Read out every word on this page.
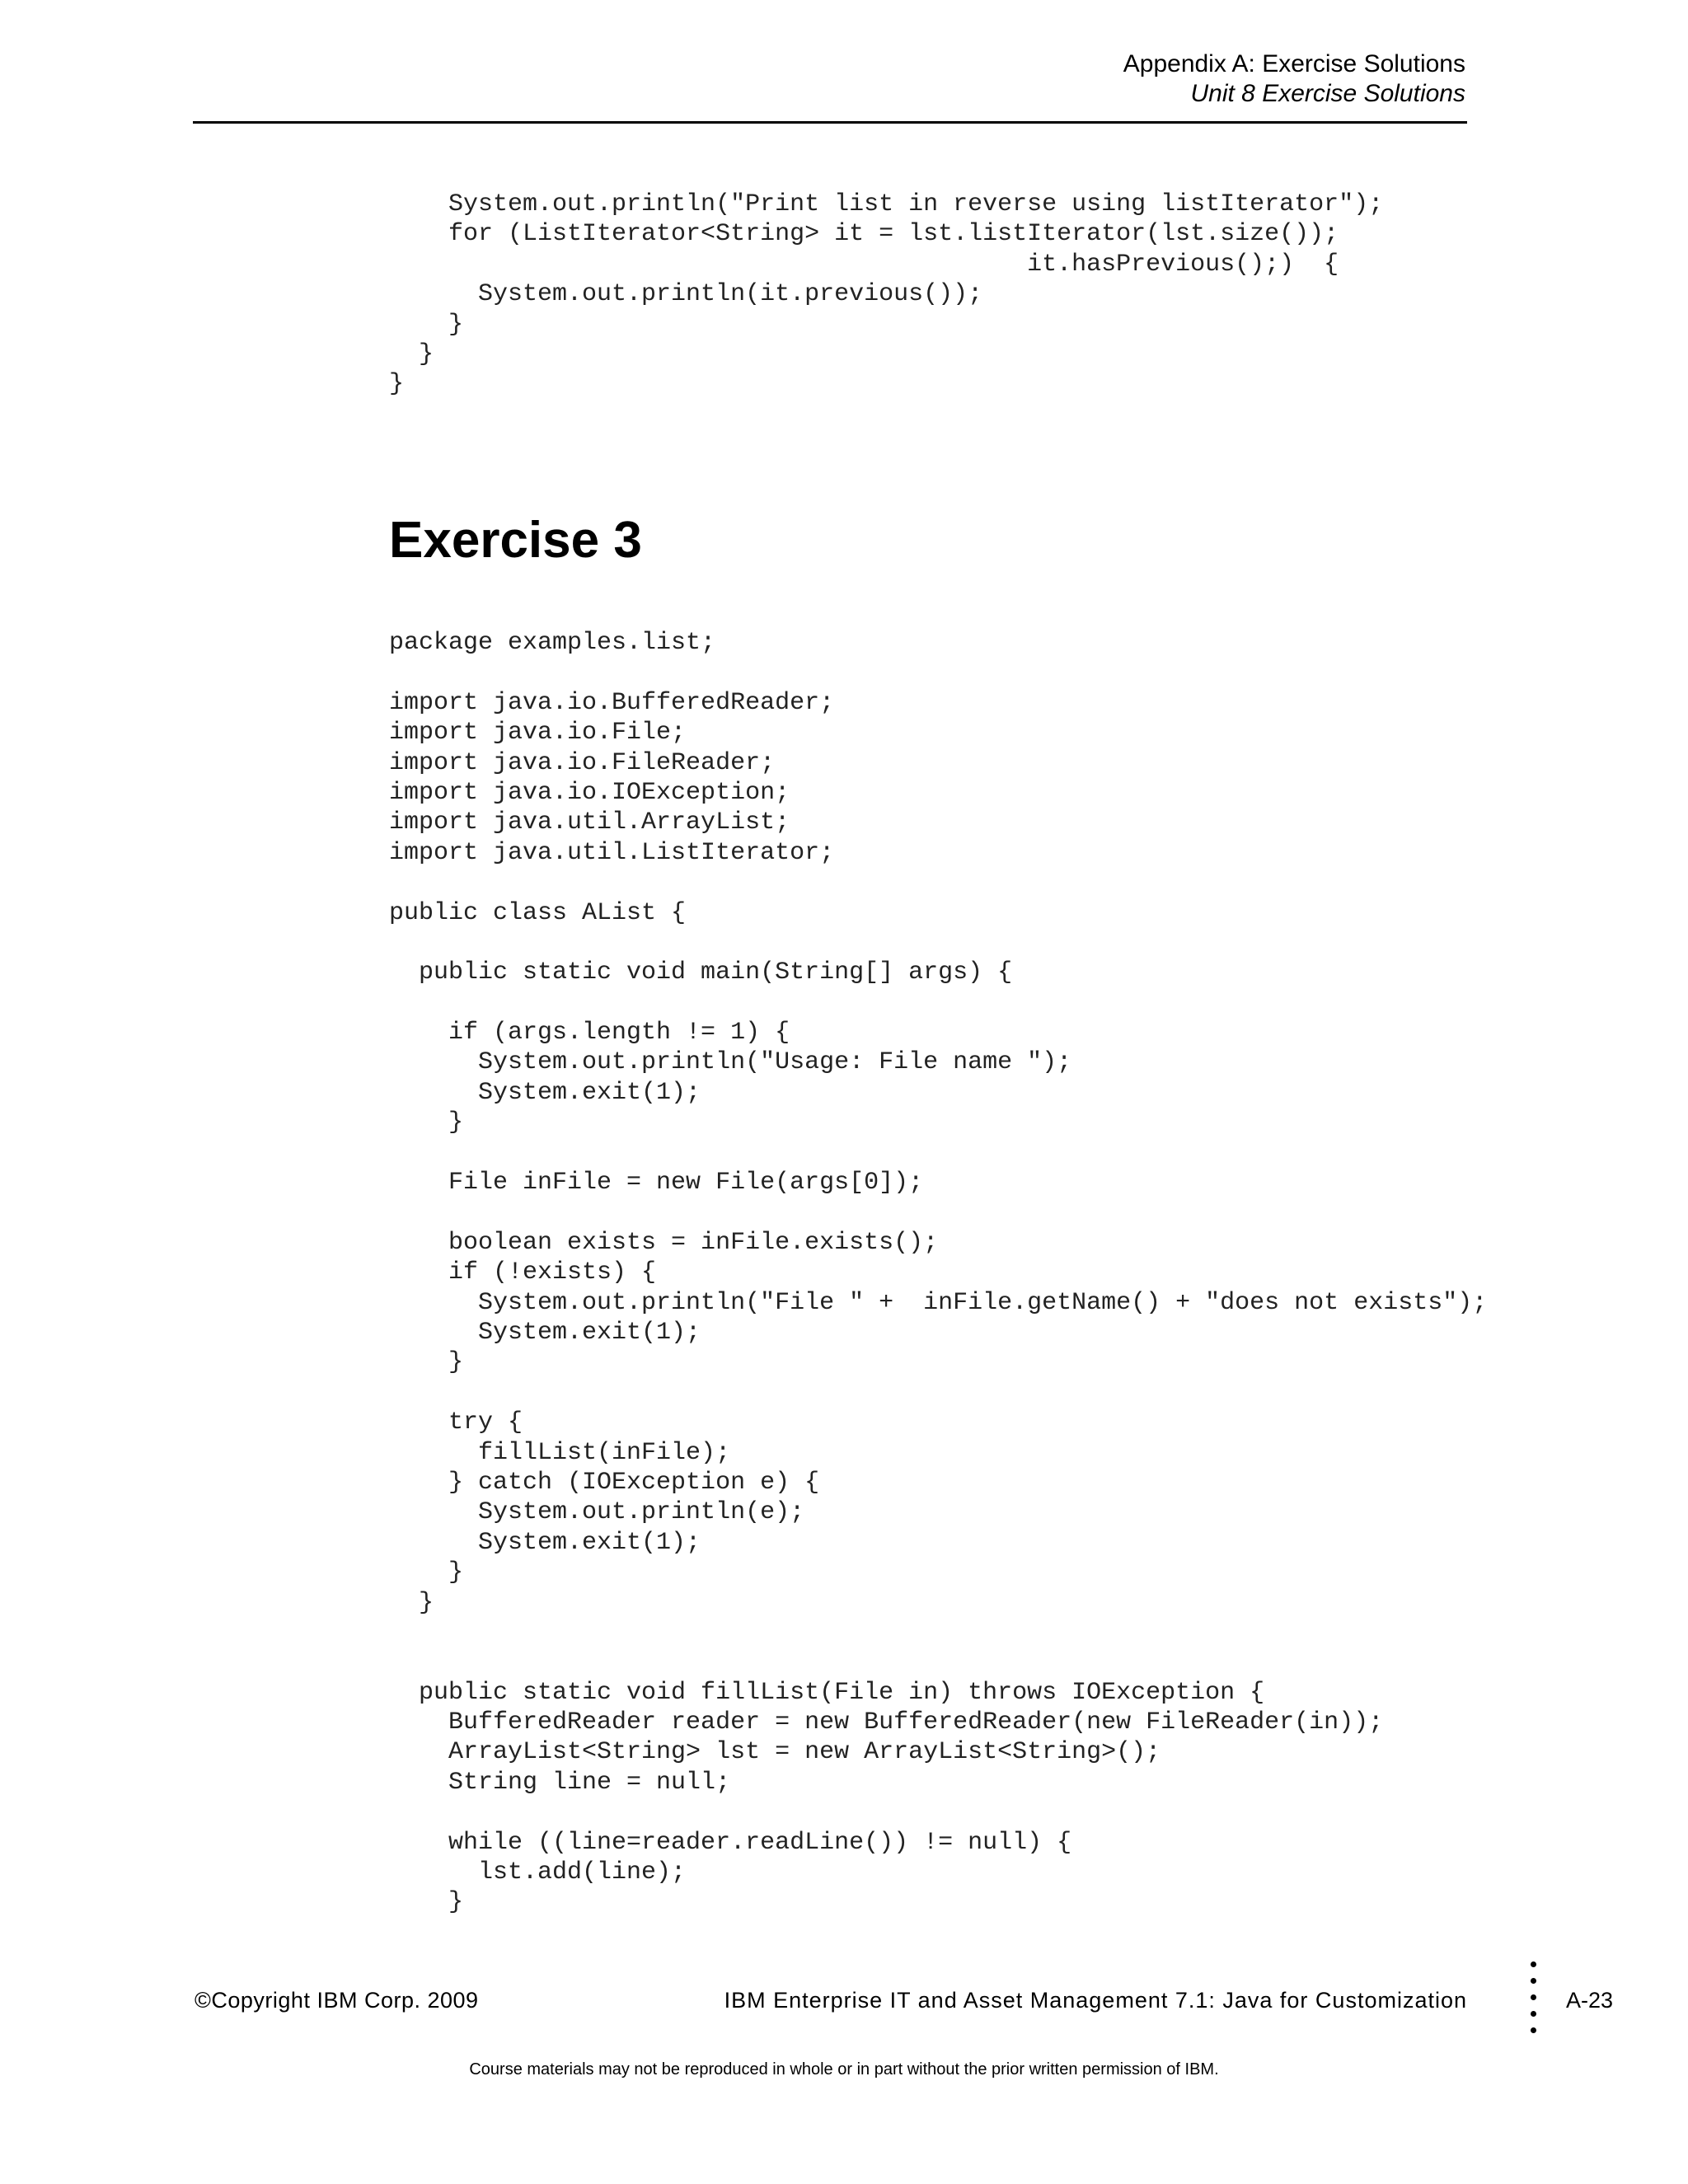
Appendix A: Exercise Solutions
Unit 8 Exercise Solutions
System.out.println("Print list in reverse using listIterator");
for (ListIterator<String> it = lst.listIterator(lst.size());
it.hasPrevious();)  {
System.out.println(it.previous());
}
}
}
Exercise 3
package examples.list;
import java.io.BufferedReader;
import java.io.File;
import java.io.FileReader;
import java.io.IOException;
import java.util.ArrayList;
import java.util.ListIterator;
public class AList {
public static void main(String[] args) {
if (args.length != 1) {
System.out.println("Usage: File name ");
System.exit(1);
}
File inFile = new File(args[0]);
boolean exists = inFile.exists();
if (!exists) {
System.out.println("File " +  inFile.getName() + "does not exists");
System.exit(1);
}
try {
fillList(inFile);
} catch (IOException e) {
System.out.println(e);
System.exit(1);
}
}
public static void fillList(File in) throws IOException {
BufferedReader reader = new BufferedReader(new FileReader(in));
ArrayList<String> lst = new ArrayList<String>();
String line = null;
while ((line=reader.readLine()) != null) {
lst.add(line);
}
©Copyright IBM Corp. 2009	IBM Enterprise IT and Asset Management 7.1: Java for Customization	A-23
Course materials may not be reproduced in whole or in part without the prior written permission of IBM.
